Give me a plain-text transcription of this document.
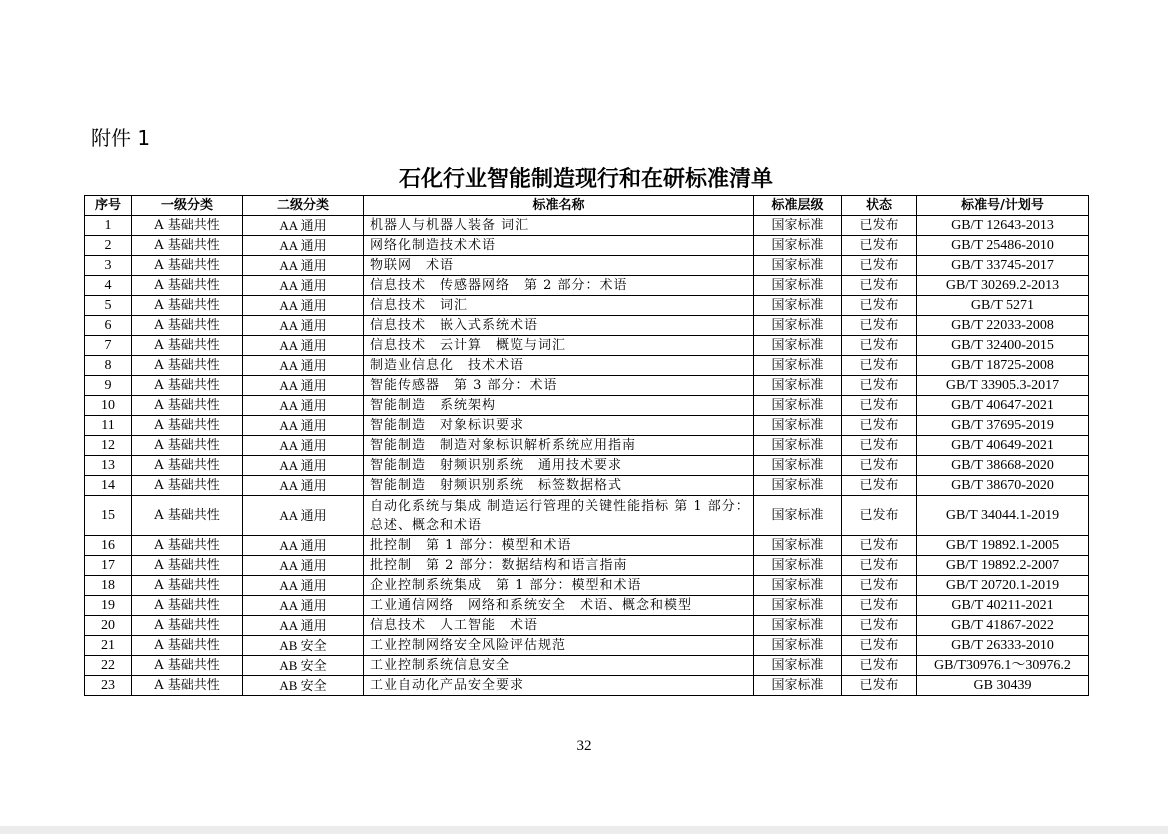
附件 1
石化行业智能制造现行和在研标准清单
序号	一级分类	二级分类	标准名称	标准层级	状态	标准号/计划号
1	A 基础共性	AA 通用	机器人与机器人装备 词汇	国家标准	已发布	GB/T 12643-2013
2	A 基础共性	AA 通用	网络化制造技术术语	国家标准	已发布	GB/T 25486-2010
3	A 基础共性	AA 通用	物联网　术语	国家标准	已发布	GB/T 33745-2017
4	A 基础共性	AA 通用	信息技术　传感器网络　第 2 部分：术语	国家标准	已发布	GB/T 30269.2-2013
5	A 基础共性	AA 通用	信息技术　词汇	国家标准	已发布	GB/T 5271
6	A 基础共性	AA 通用	信息技术　嵌入式系统术语	国家标准	已发布	GB/T 22033-2008
7	A 基础共性	AA 通用	信息技术　云计算　概览与词汇	国家标准	已发布	GB/T 32400-2015
8	A 基础共性	AA 通用	制造业信息化　技术术语	国家标准	已发布	GB/T 18725-2008
9	A 基础共性	AA 通用	智能传感器　第 3 部分：术语	国家标准	已发布	GB/T 33905.3-2017
10	A 基础共性	AA 通用	智能制造　系统架构	国家标准	已发布	GB/T 40647-2021
11	A 基础共性	AA 通用	智能制造　对象标识要求	国家标准	已发布	GB/T 37695-2019
12	A 基础共性	AA 通用	智能制造　制造对象标识解析系统应用指南	国家标准	已发布	GB/T 40649-2021
13	A 基础共性	AA 通用	智能制造　射频识别系统　通用技术要求	国家标准	已发布	GB/T 38668-2020
14	A 基础共性	AA 通用	智能制造　射频识别系统　标签数据格式	国家标准	已发布	GB/T 38670-2020
15	A 基础共性	AA 通用	自动化系统与集成 制造运行管理的关键性能指标 第 1 部分：总述、概念和术语	国家标准	已发布	GB/T 34044.1-2019
16	A 基础共性	AA 通用	批控制　第 1 部分：模型和术语	国家标准	已发布	GB/T 19892.1-2005
17	A 基础共性	AA 通用	批控制　第 2 部分：数据结构和语言指南	国家标准	已发布	GB/T 19892.2-2007
18	A 基础共性	AA 通用	企业控制系统集成　第 1 部分：模型和术语	国家标准	已发布	GB/T 20720.1-2019
19	A 基础共性	AA 通用	工业通信网络　网络和系统安全　术语、概念和模型	国家标准	已发布	GB/T 40211-2021
20	A 基础共性	AA 通用	信息技术　人工智能　术语	国家标准	已发布	GB/T 41867-2022
21	A 基础共性	AB 安全	工业控制网络安全风险评估规范	国家标准	已发布	GB/T 26333-2010
22	A 基础共性	AB 安全	工业控制系统信息安全	国家标准	已发布	GB/T30976.1～30976.2
23	A 基础共性	AB 安全	工业自动化产品安全要求	国家标准	已发布	GB 30439
32
